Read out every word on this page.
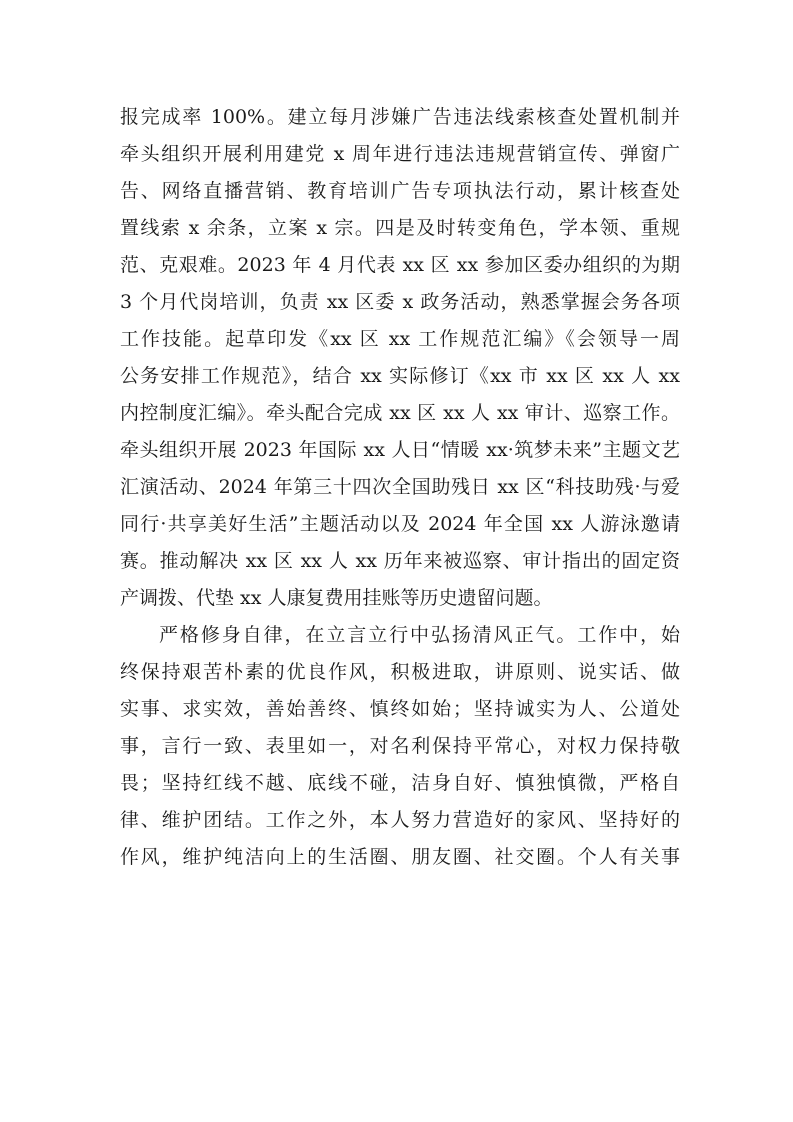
报完成率 100%。建立每月涉嫌广告违法线索核查处置机制并
牵头组织开展利用建党 x 周年进行违法违规营销宣传、弹窗广
告、网络直播营销、教育培训广告专项执法行动，累计核查处
置线索 x 余条，立案 x 宗。四是及时转变角色，学本领、重规
范、克艰难。2023 年 4 月代表 xx 区 xx 参加区委办组织的为期
3 个月代岗培训，负责 xx 区委 x 政务活动，熟悉掌握会务各项
工作技能。起草印发《xx 区 xx 工作规范汇编》《会领导一周
公务安排工作规范》，结合 xx 实际修订《xx 市 xx 区 xx 人 xx
内控制度汇编》。牵头配合完成 xx 区 xx 人 xx 审计、巡察工作。
牵头组织开展 2023 年国际 xx 人日“情暖 xx·筑梦未来”主题文艺
汇演活动、2024 年第三十四次全国助残日 xx 区“科技助残·与爱
同行·共享美好生活”主题活动以及 2024 年全国 xx 人游泳邀请
赛。推动解决 xx 区 xx 人 xx 历年来被巡察、审计指出的固定资
产调拨、代垫 xx 人康复费用挂账等历史遗留问题。
严格修身自律，在立言立行中弘扬清风正气。工作中，始
终保持艰苦朴素的优良作风，积极进取，讲原则、说实话、做
实事、求实效，善始善终、慎终如始；坚持诚实为人、公道处
事，言行一致、表里如一，对名利保持平常心，对权力保持敬
畏；坚持红线不越、底线不碰，洁身自好、慎独慎微，严格自
律、维护团结。工作之外，本人努力营造好的家风、坚持好的
作风，维护纯洁向上的生活圈、朋友圈、社交圈。个人有关事
